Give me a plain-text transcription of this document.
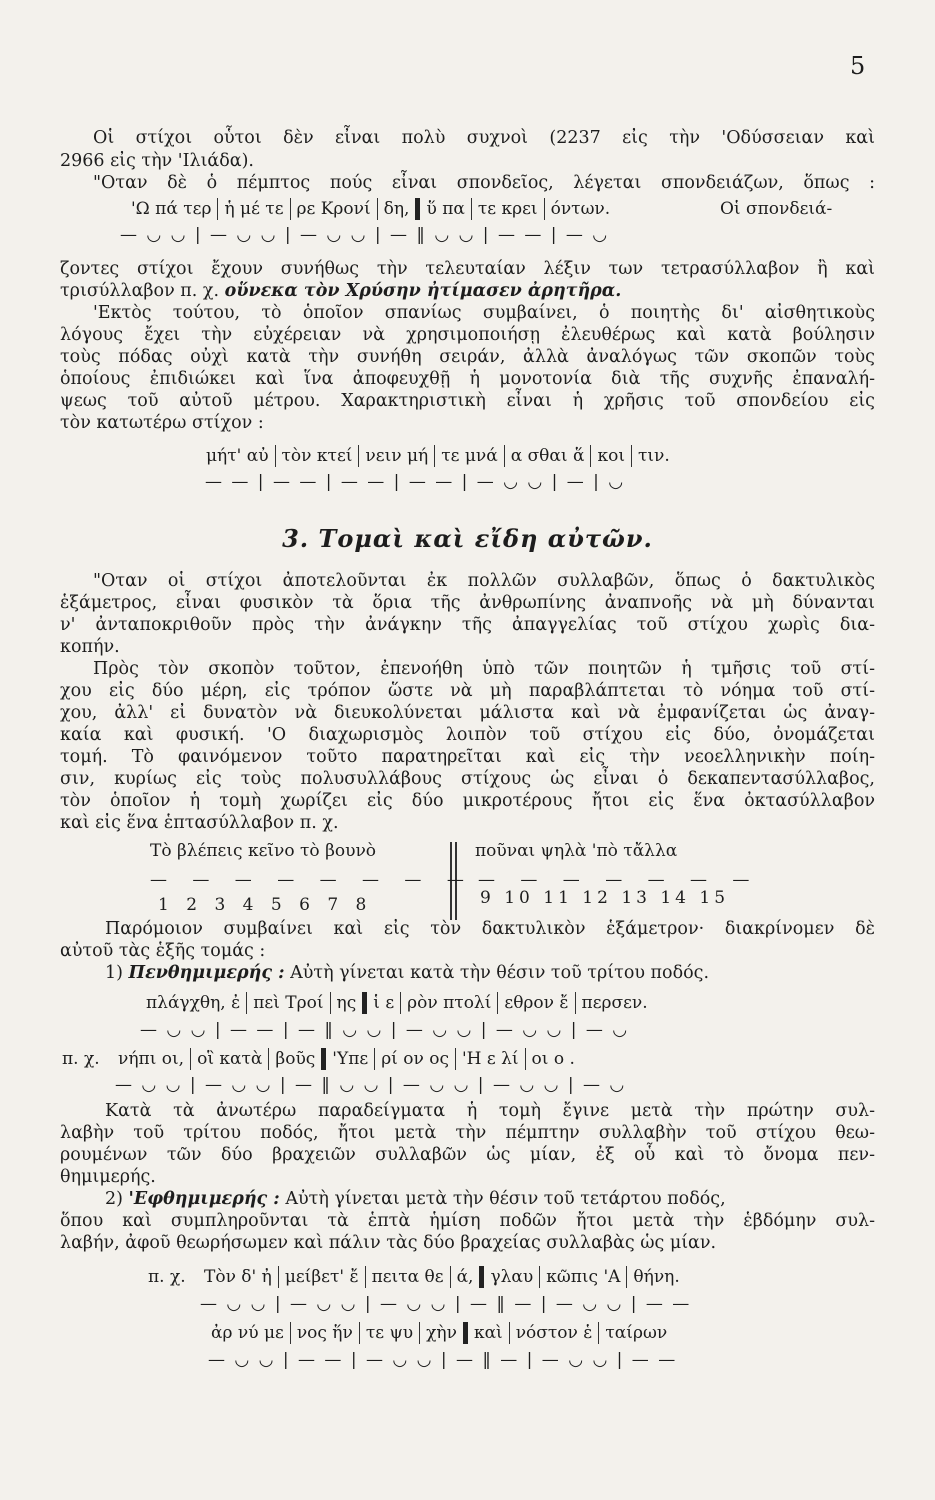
5
Οἱ στίχοι οὗτοι δὲν εἶναι πολὺ συχνοὶ (2237 εἰς τὴν 'Οδύσσειαν καὶ
2966 εἰς τὴν 'Ιλιάδα).
"Οταν δὲ ὁ πέμπτος πούς εἶναι σπονδεῖος, λέγεται σπονδειάζων, ὅπως :
'Ω πά τερ ἡ μέ τε ρε Κρονί δη, ὕ πα τε κρει όντων.	Οἱ σπονδειά-
— ◡ ◡ | — ◡ ◡ | — ◡ ◡ | — ‖ ◡ ◡ | — — | — ◡
ζοντες στίχοι ἔχουν συνήθως τὴν τελευταίαν λέξιν των τετρασύλλαβον ἢ καὶ
τρισύλλαβον π. χ. οὕνεκα τὸν Χρύσην ἠτίμασεν ἀρητῆρα.
'Εκτὸς τούτου, τὸ ὁποῖον σπανίως συμβαίνει, ὁ ποιητὴς δι' αἰσθητικοὺς
λόγους ἔχει τὴν εὐχέρειαν νὰ χρησιμοποιήσῃ ἐλευθέρως καὶ κατὰ βούλησιν
τοὺς πόδας οὐχὶ κατὰ τὴν συνήθη σειράν, ἀλλὰ ἀναλόγως τῶν σκοπῶν τοὺς
ὁποίους ἐπιδιώκει καὶ ἵνα ἀποφευχθῇ ἡ μονοτονία διὰ τῆς συχνῆς ἐπαναλή-
ψεως τοῦ αὐτοῦ μέτρου. Χαρακτηριστικὴ εἶναι ἡ χρῆσις τοῦ σπονδείου εἰς
τὸν κατωτέρω στίχον :
μήτ' αὐ τὸν κτεί νειν μή τε μνά α σθαι ἅ κοι τιν.
— — | — — | — — | — — | — ◡ ◡ | — | ◡
3. Τομαὶ καὶ εἴδη αὐτῶν.
"Οταν οἱ στίχοι ἀποτελοῦνται ἐκ πολλῶν συλλαβῶν, ὅπως ὁ δακτυλικὸς
ἑξάμετρος, εἶναι φυσικὸν τὰ ὅρια τῆς ἀνθρωπίνης ἀναπνοῆς νὰ μὴ δύνανται
ν' ἀνταποκριθοῦν πρὸς τὴν ἀνάγκην τῆς ἀπαγγελίας τοῦ στίχου χωρὶς δια-
κοπήν.
Πρὸς τὸν σκοπὸν τοῦτον, ἐπενοήθη ὑπὸ τῶν ποιητῶν ἡ τμῆσις τοῦ στί-
χου εἰς δύο μέρη, εἰς τρόπον ὥστε νὰ μὴ παραβλάπτεται τὸ νόημα τοῦ στί-
χου, ἀλλ' εἰ δυνατὸν νὰ διευκολύνεται μάλιστα καὶ νὰ ἐμφανίζεται ὡς ἀναγ-
καία καὶ φυσική. 'Ο διαχωρισμὸς λοιπὸν τοῦ στίχου εἰς δύο, ὀνομάζεται
τομή. Τὸ φαινόμενον τοῦτο παρατηρεῖται καὶ εἰς τὴν νεοελληνικὴν ποίη-
σιν, κυρίως εἰς τοὺς πολυσυλλάβους στίχους ὡς εἶναι ὁ δεκαπεντασύλλαβος,
τὸν ὁποῖον ἡ τομὴ χωρίζει εἰς δύο μικροτέρους ἤτοι εἰς ἕνα ὀκτασύλλαβον
καὶ εἰς ἕνα ἑπτασύλλαβον π. χ.
Τὸ βλέπεις κεῖνο τὸ βουνὸ	ποῦναι ψηλὰ 'πὸ τἄλλα
— — — — — — — — — — — — — — —
1 2 3 4 5 6 7 8	9 10 11 12 13 14 15
Παρόμοιον συμβαίνει καὶ εἰς τὸν δακτυλικὸν ἑξάμετρον· διακρίνομεν δὲ
αὐτοῦ τὰς ἑξῆς τομάς :
1) Πενθημιμερής : Αὐτὴ γίνεται κατὰ τὴν θέσιν τοῦ τρίτου ποδός.
πλάγχθη, ἐ πεὶ Τροί ης ἱ ε ρὸν πτολί εθρον ἔ περσεν.
— ◡ ◡ | — — | — ‖ ◡ ◡ | — ◡ ◡ | — ◡ ◡ | — ◡
π. χ.	νήπι οι, οἳ κατὰ βοῦς 'Υπε ρί ον ος 'Η ε λί οι ο .
— ◡ ◡ | — ◡ ◡ | — ‖ ◡ ◡ | — ◡ ◡ | — ◡ ◡ | — ◡
Κατὰ τὰ ἀνωτέρω παραδείγματα ἡ τομὴ ἔγινε μετὰ τὴν πρώτην συλ-
λαβὴν τοῦ τρίτου ποδός, ἤτοι μετὰ τὴν πέμπτην συλλαβὴν τοῦ στίχου θεω-
ρουμένων τῶν δύο βραχειῶν συλλαβῶν ὡς μίαν, ἐξ οὗ καὶ τὸ ὄνομα πεν-
θημιμερής.
2) 'Εφθημιμερής : Αὐτὴ γίνεται μετὰ τὴν θέσιν τοῦ τετάρτου ποδός,
ὅπου καὶ συμπληροῦνται τὰ ἑπτὰ ἡμίση ποδῶν ἤτοι μετὰ τὴν ἑβδόμην συλ-
λαβήν, ἀφοῦ θεωρήσωμεν καὶ πάλιν τὰς δύο βραχείας συλλαβὰς ὡς μίαν.
π. χ.	Τὸν δ' ἠ μείβετ' ἔ πειτα θε ά, γλαυ κῶπις 'Α θήνη.
— ◡ ◡ | — ◡ ◡ | — ◡ ◡ | — ‖ — | — ◡ ◡ | — —
ἀρ νύ με νος ἥν τε ψυ χὴν καὶ νόστον ἑ ταίρων
— ◡ ◡ | — — | — ◡ ◡ | — ‖ — | — ◡ ◡ | — —
